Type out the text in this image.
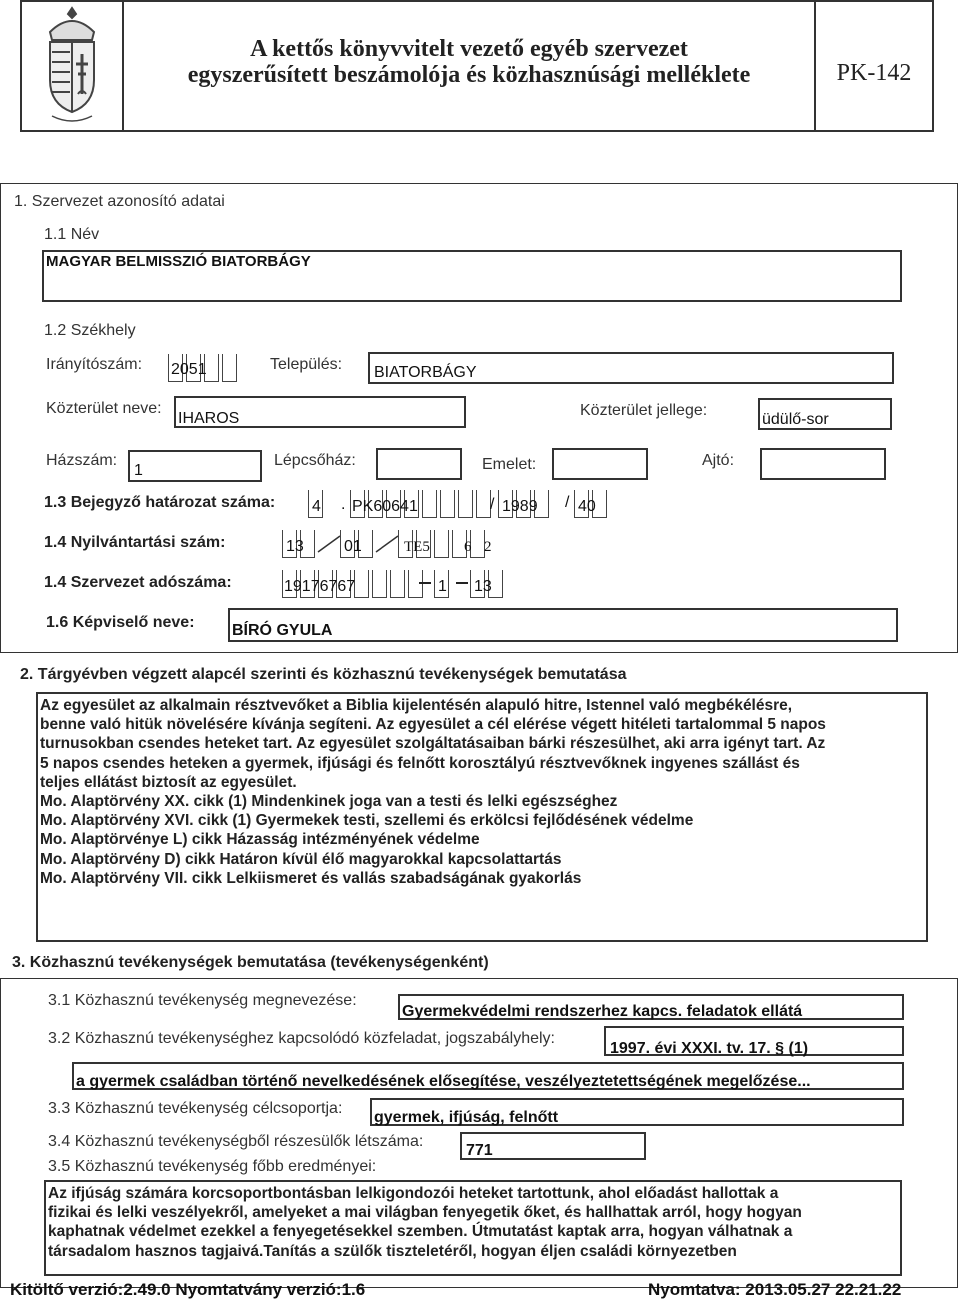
A kettős könyvvitelt vezető egyéb szervezet
egyszerűsített beszámolója és közhasznúsági melléklete	PK-142
1. Szervezet azonosító adatai
1.1 Név
MAGYAR BELMISSZIÓ BIATORBÁGY
1.2 Székhely
Irányítószám: 2051	Település: BIATORBÁGY
Közterület neve:
IHAROS	Közterület jellege:
üdülő-sor
Házszám:
1
Lépcsőház:	Emelet:	Ajtó:
1.3 Bejegyző határozat száma: 4 . PK60641	/ 1989 / 40
1.4 Nyilvántartási szám:	13	01	TE5 6 2
1.4 Szervezet adószáma:	19176767	1 13
1.6 Képviselő neve: BÍRÓ GYULA
2. Tárgyévben végzett alapcél szerinti és közhasznú tevékenységek bemutatása
Az egyesület az alkalmain résztvevőket a Biblia kijelentésén alapuló hitre, Istennel való megbékélésre,
benne való hitük növelésére kívánja segíteni. Az egyesület a cél elérése végett hitéleti tartalommal 5 napos
turnusokban csendes heteket tart. Az egyesület szolgáltatásaiban bárki részesülhet, aki arra igényt tart. Az
5 napos csendes heteken a gyermek, ifjúsági és felnőtt korosztályú résztvevőknek ingyenes szállást és
teljes ellátást biztosít az egyesület.
Mo. Alaptörvény XX. cikk (1) Mindenkinek joga van a testi és lelki egészséghez
Mo. Alaptörvény XVI. cikk (1) Gyermekek testi, szellemi és erkölcsi fejlődésének védelme
Mo. Alaptörvénye L) cikk Házasság intézményének védelme
Mo. Alaptörvény D) cikk Határon kívül élő magyarokkal kapcsolattartás
Mo. Alaptörvény VII. cikk Lelkiismeret és vallás szabadságának gyakorlás
3. Közhasznú tevékenységek bemutatása (tevékenységenként)
3.1 Közhasznú tevékenység megnevezése:
Gyermekvédelmi rendszerhez kapcs. feladatok ellátá
3.2 Közhasznú tevékenységhez kapcsolódó közfeladat, jogszabályhely:
1997. évi XXXI. tv. 17. § (1)
a gyermek családban történő nevelkedésének elősegítése, veszélyeztetettségének megelőzése...
3.3 Közhasznú tevékenység célcsoportja:
gyermek, ifjúság, felnőtt
3.4 Közhasznú tevékenységből részesülők létszáma:
771
3.5 Közhasznú tevékenység főbb eredményei:
Az ifjúság számára korcsoportbontásban lelkigondozói heteket tartottunk, ahol előadást hallottak a
fizikai és lelki veszélyekről, amelyeket a mai világban fenyegetik őket, és hallhattak arról, hogy hogyan
kaphatnak védelmet ezekkel a fenyegetésekkel szemben. Útmutatást kaptak arra, hogyan válhatnak a
társadalom hasznos tagjaivá.Tanítás a szülők tiszteletéről, hogyan éljen családi környezetben
Kitöltő verzió:2.49.0 Nyomtatvány verzió:1.6	Nyomtatva: 2013.05.27 22.21.22
